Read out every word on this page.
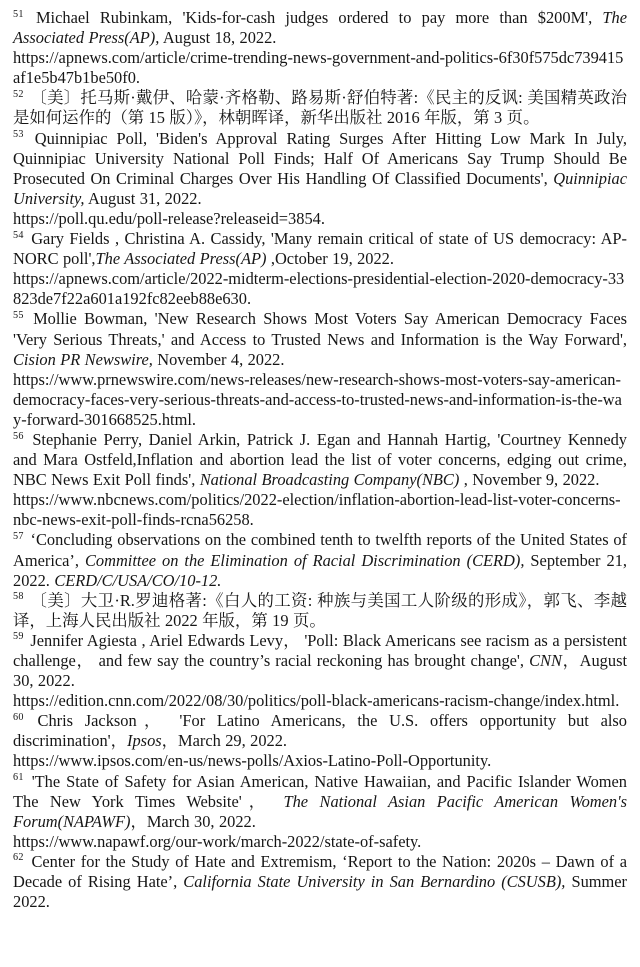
$^{51}$ Michael Rubinkam, 'Kids-for-cash judges ordered to pay more than $200M', The Associated Press(AP), August 18, 2022.
https://apnews.com/article/crime-trending-news-government-and-politics-6f30f575dc739415af1e5b47b1be50f0.
$^{52}$ 〔美〕托马斯·戴伊、哈蒙·齐格勒、路易斯·舒伯特著:《民主的反讽: 美国精英政治是如何运作的（第 15 版）》，林朝晖译，新华出版社 2016 年版，第 3 页。
$^{53}$ Quinnipiac Poll, 'Biden's Approval Rating Surges After Hitting Low Mark In July, Quinnipiac University National Poll Finds; Half Of Americans Say Trump Should Be Prosecuted On Criminal Charges Over His Handling Of Classified Documents', Quinnipiac University, August 31, 2022.
https://poll.qu.edu/poll-release?releaseid=3854.
$^{54}$ Gary Fields , Christina A. Cassidy, 'Many remain critical of state of US democracy: AP-NORC poll',The Associated Press(AP) ,October 19, 2022.
https://apnews.com/article/2022-midterm-elections-presidential-election-2020-democracy-33823de7f22a601a192fc82eeb88e630.
$^{55}$ Mollie Bowman, 'New Research Shows Most Voters Say American Democracy Faces 'Very Serious Threats,' and Access to Trusted News and Information is the Way Forward', Cision PR Newswire, November 4, 2022.
https://www.prnewswire.com/news-releases/new-research-shows-most-voters-say-american-democracy-faces-very-serious-threats-and-access-to-trusted-news-and-information-is-the-way-forward-301668525.html.
$^{56}$ Stephanie Perry, Daniel Arkin, Patrick J. Egan and Hannah Hartig, 'Courtney Kennedy and Mara Ostfeld,Inflation and abortion lead the list of voter concerns, edging out crime, NBC News Exit Poll finds', National Broadcasting Company(NBC) , November 9, 2022.
https://www.nbcnews.com/politics/2022-election/inflation-abortion-lead-list-voter-concerns-nbc-news-exit-poll-finds-rcna56258.
$^{57}$ ‘Concluding observations on the combined tenth to twelfth reports of the United States of America’, Committee on the Elimination of Racial Discrimination (CERD), September 21, 2022. CERD/C/USA/CO/10-12.
$^{58}$ 〔美〕大卫·R.罗迪格著:《白人的工资: 种族与美国工人阶级的形成》，郭飞、李越译，上海人民出版社 2022 年版，第 19 页。
$^{59}$ Jennifer Agiesta , Ariel Edwards Levy， 'Poll: Black Americans see racism as a persistent challenge， and few say the country’s racial reckoning has brought change', CNN，August 30, 2022.
https://edition.cnn.com/2022/08/30/politics/poll-black-americans-racism-change/index.html.
$^{60}$ Chris Jackson， 'For Latino Americans, the U.S. offers opportunity but also discrimination'，Ipsos，March 29, 2022.
https://www.ipsos.com/en-us/news-polls/Axios-Latino-Poll-Opportunity.
$^{61}$ 'The State of Safety for Asian American, Native Hawaiian, and Pacific Islander Women The New York Times Website'， The National Asian Pacific American Women's Forum(NAPAWF)，March 30, 2022.
https://www.napawf.org/our-work/march-2022/state-of-safety.
$^{62}$ Center for the Study of Hate and Extremism, ‘Report to the Nation: 2020s – Dawn of a Decade of Rising Hate’, California State University in San Bernardino (CSUSB), Summer 2022.
